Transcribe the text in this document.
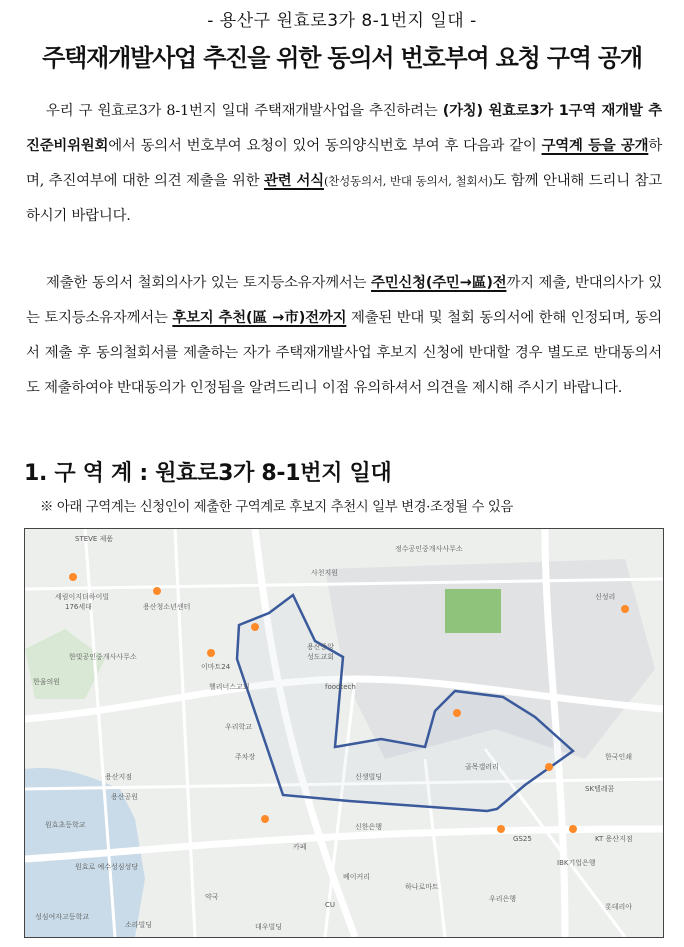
- 용산구 원효로3가 8-1번지 일대 -
주택재개발사업 추진을 위한 동의서 번호부여 요청 구역 공개
우리 구 원효로3가 8-1번지 일대 주택재개발사업을 추진하려는 (가칭) 원효로3가 1구역 재개발 추진준비위원회에서 동의서 번호부여 요청이 있어 동의양식번호 부여 후 다음과 같이 구역계 등을 공개하며, 추진여부에 대한 의견 제출을 위한 관련 서식(찬성동의서, 반대 동의서, 철회서)도 함께 안내해 드리니 참고하시기 바랍니다.
제출한 동의서 철회의사가 있는 토지등소유자께서는 주민신청(주민→區)전까지 제출, 반대의사가 있는 토지등소유자께서는 후보지 추천(區 →市)전까지 제출된 반대 및 철회 동의서에 한해 인정되며, 동의서 제출 후 동의철회서를 제출하는 자가 주택재개발사업 후보지 신청에 반대할 경우 별도로 반대동의서도 제출하여야 반대동의가 인정됨을 알려드리니 이점 유의하셔서 의견을 제시해 주시기 바랍니다.
1. 구 역 계 : 원효로3가 8-1번지 일대
※ 아래 구역계는 신청인이 제출한 구역계로 후보지 추천시 일부 변경·조정될 수 있음
STEVE 제품
세림이지더하이빌
176세대	용산청소년센터
정수공인중개사사무소
사천지원
한울의원
신성리
용산중앙
성도교회
한빛공인중개사사무소
이마트24
헬리너스교회	foodtech
우리학교
주차장
용산지점	신생빌딩
골목갤러리
KT 용산지점
IBK기업은행
GS25
SK텔레콤
한국인쇄
용산공원
원효초등학교
원효로 예수성심성당
신한은행
우리은행
하나로마트
카페
베이커리
CU
약국
성심여자고등학교
소라빌딩	대우빌딩
롯데리아
